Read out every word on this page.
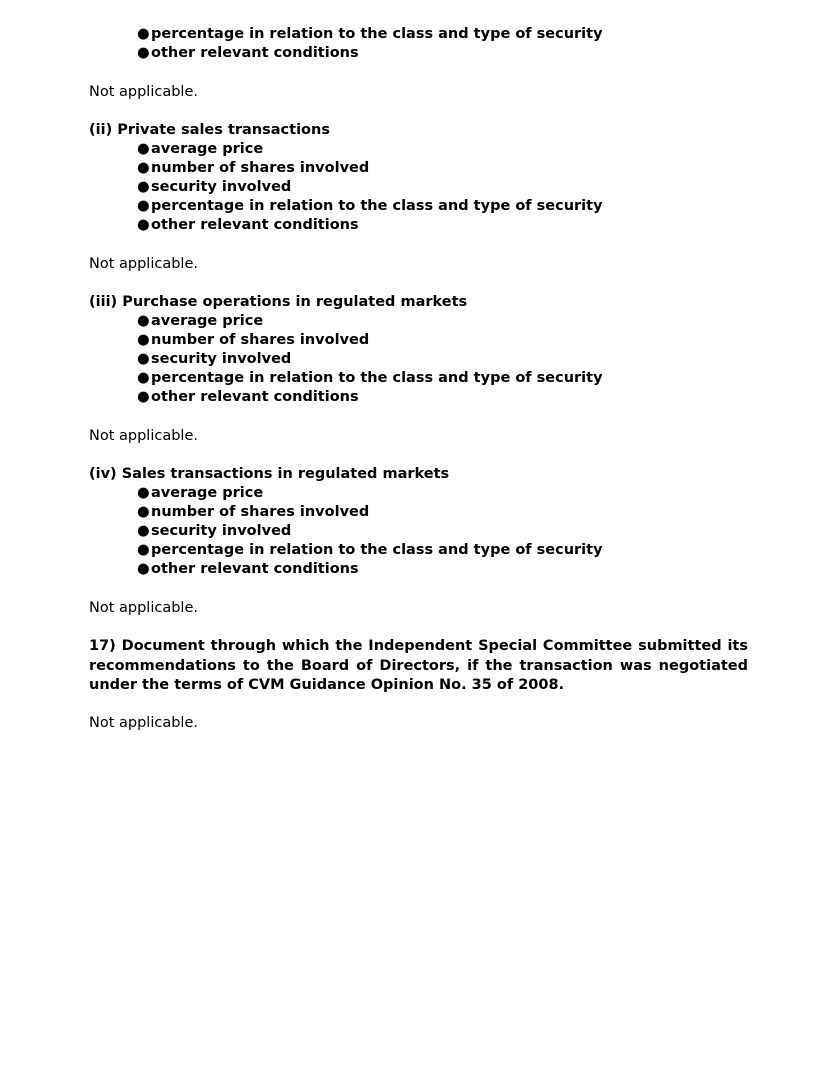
●percentage in relation to the class and type of security
●other relevant conditions
Not applicable.
(ii) Private sales transactions
●average price
●number of shares involved
●security involved
●percentage in relation to the class and type of security
●other relevant conditions
Not applicable.
(iii) Purchase operations in regulated markets
●average price
●number of shares involved
●security involved
●percentage in relation to the class and type of security
●other relevant conditions
Not applicable.
(iv) Sales transactions in regulated markets
●average price
●number of shares involved
●security involved
●percentage in relation to the class and type of security
●other relevant conditions
Not applicable.
17) Document through which the Independent Special Committee submitted its recommendations to the Board of Directors, if the transaction was negotiated under the terms of CVM Guidance Opinion No. 35 of 2008.
Not applicable.
